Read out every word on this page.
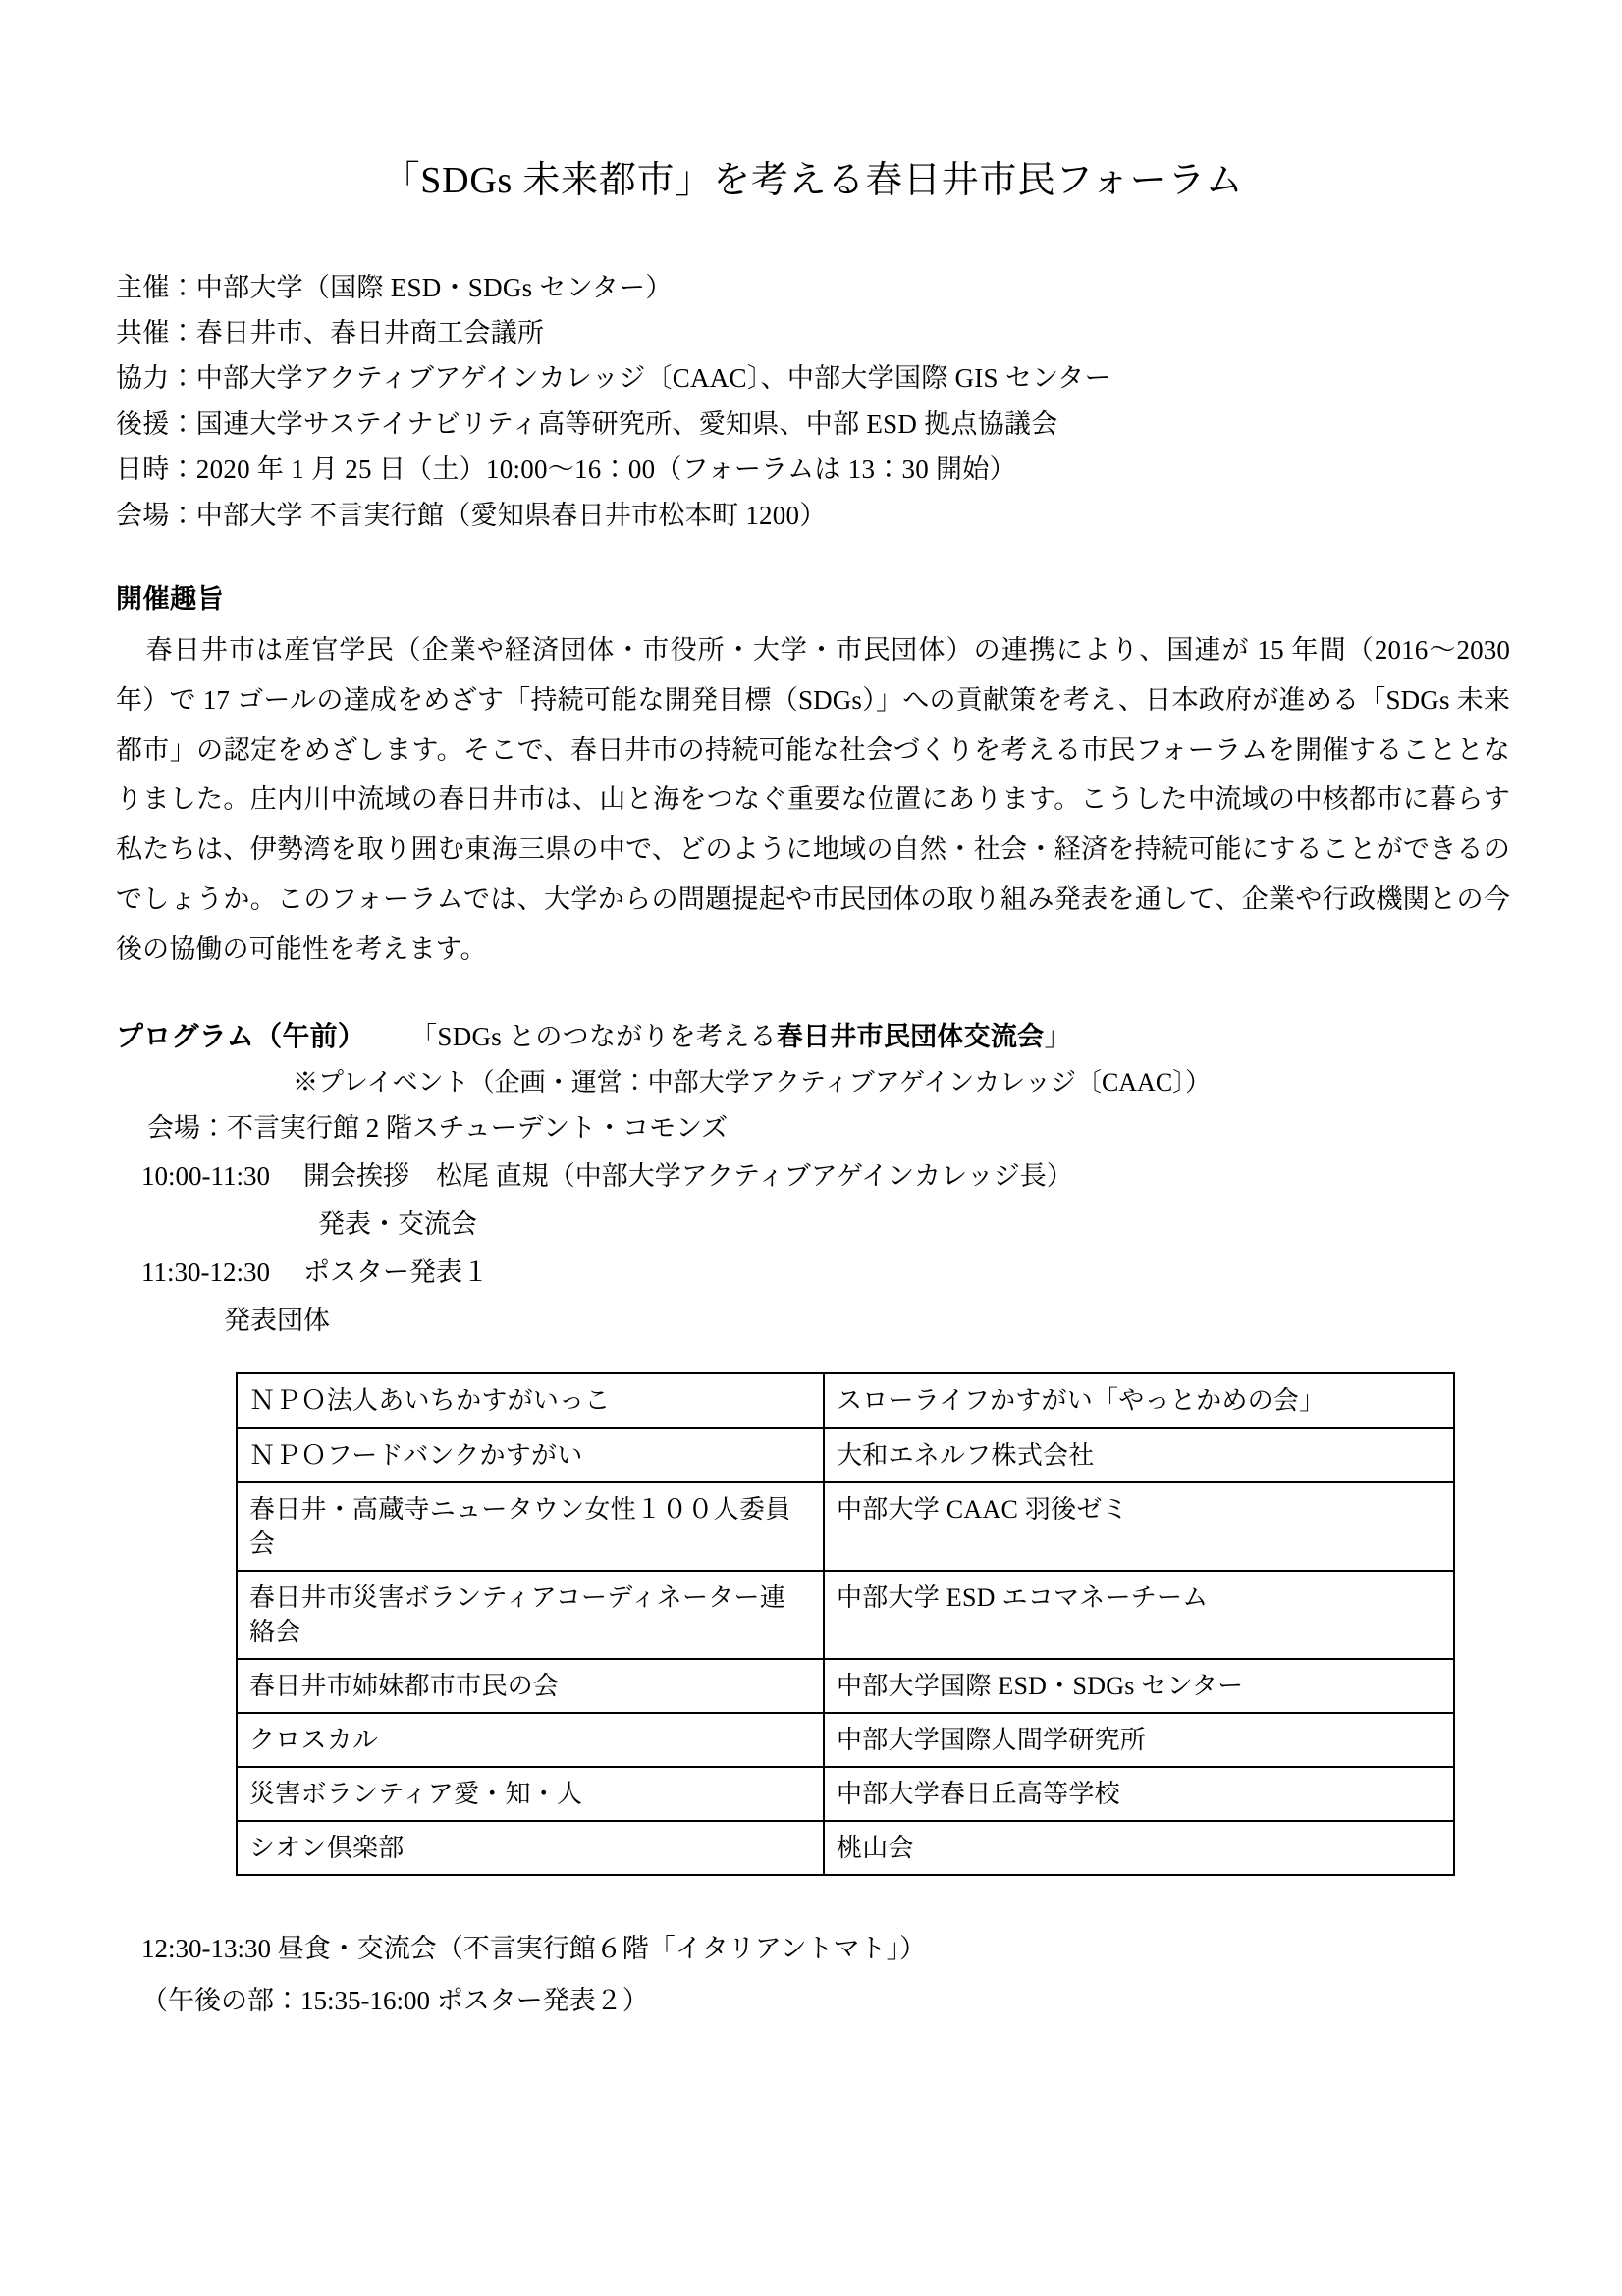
「SDGs 未来都市」を考える春日井市民フォーラム
主催：中部大学（国際 ESD・SDGs センター）
共催：春日井市、春日井商工会議所
協力：中部大学アクティブアゲインカレッジ〔CAAC〕、中部大学国際 GIS センター
後援：国連大学サステイナビリティ高等研究所、愛知県、中部 ESD 拠点協議会
日時：2020 年 1 月 25 日（土）10:00〜16：00（フォーラムは 13：30 開始）
会場：中部大学 不言実行館（愛知県春日井市松本町 1200）
開催趣旨

春日井市は産官学民（企業や経済団体・市役所・大学・市民団体）の連携により、国連が 15 年間（2016〜2030 年）で 17 ゴールの達成をめざす「持続可能な開発目標（SDGs）」への貢献策を考え、日本政府が進める「SDGs 未来都市」の認定をめざします。そこで、春日井市の持続可能な社会づくりを考える市民フォーラムを開催することとなりました。庄内川中流域の春日井市は、山と海をつなぐ重要な位置にあります。こうした中流域の中核都市に暮らす私たちは、伊勢湾を取り囲む東海三県の中で、どのように地域の自然・社会・経済を持続可能にすることができるのでしょうか。このフォーラムでは、大学からの問題提起や市民団体の取り組み発表を通して、企業や行政機関との今後の協働の可能性を考えます。

プログラム（午前） 「SDGs とのつながりを考える春日井市民団体交流会」
※プレイベント（企画・運営：中部大学アクティブアゲインカレッジ〔CAAC〕）
会場：不言実行館 2 階スチューデント・コモンズ
10:00-11:30 開会挨拶　松尾 直規（中部大学アクティブアゲインカレッジ長）
発表・交流会
11:30-12:30 ポスター発表１
発表団体
ＮＰＯ法人あいちかすがいっこ	スローライフかすがい「やっとかめの会」
ＮＰＯフードバンクかすがい	大和エネルフ株式会社
春日井・高蔵寺ニュータウン女性１００人委員会	中部大学 CAAC 羽後ゼミ
春日井市災害ボランティアコーディネーター連絡会	中部大学 ESD エコマネーチーム
春日井市姉妹都市市民の会	中部大学国際 ESD・SDGs センター
クロスカル	中部大学国際人間学研究所
災害ボランティア愛・知・人	中部大学春日丘高等学校
シオン倶楽部	桃山会
12:30-13:30 昼食・交流会（不言実行館６階「イタリアントマト」）
（午後の部：15:35-16:00 ポスター発表２）
